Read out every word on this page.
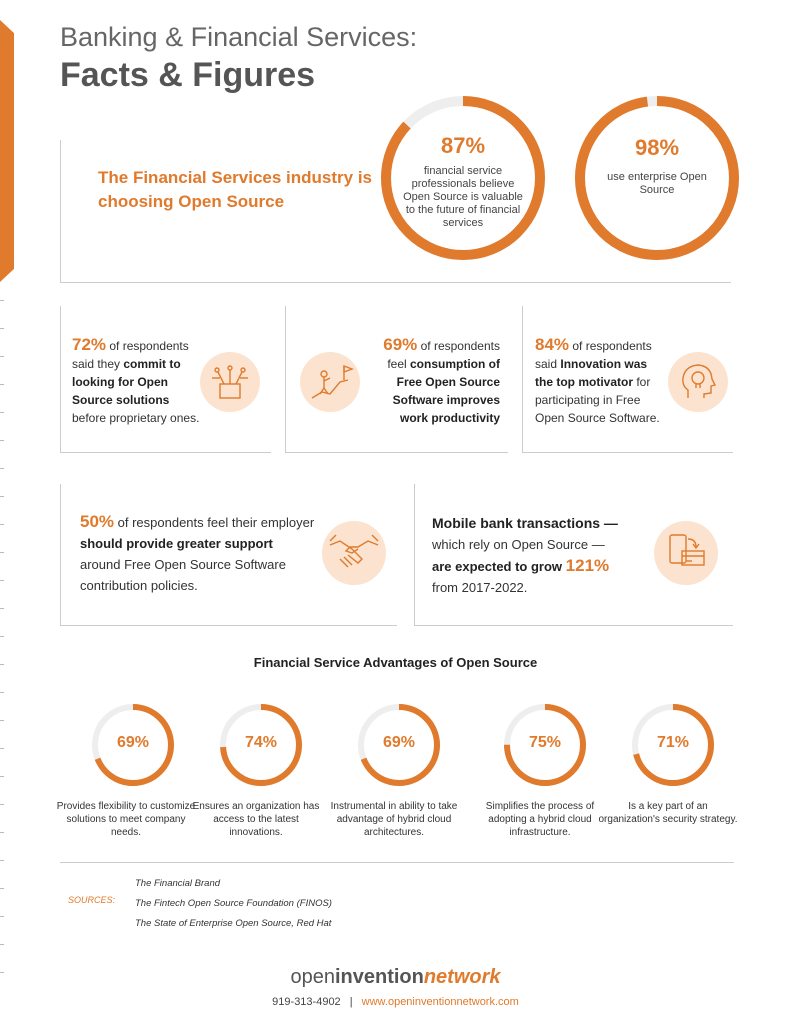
Banking & Financial Services:
Facts & Figures
The Financial Services industry is choosing Open Source
87%
financial service professionals believe Open Source is valuable to the future of financial services
98%
use enterprise Open Source
72% of respondents said they commit to looking for Open Source solutions before proprietary ones.
69% of respondents feel consumption of Free Open Source Software improves work productivity
84% of respondents said Innovation was the top motivator for participating in Free Open Source Software.
50% of respondents feel their employer should provide greater support around Free Open Source Software contribution policies.
Mobile bank transactions —
which rely on Open Source —
are expected to grow 121%
from 2017-2022.
Financial Service Advantages of Open Source
69%
Provides flexibility to customize solutions to meet company needs.
74%
Ensures an organization has access to the latest innovations.
69%
Instrumental in ability to take advantage of hybrid cloud architectures.
75%
Simplifies the process of adopting a hybrid cloud infrastructure.
71%
Is a key part of an organization's security strategy.
SOURCES:
The Financial Brand
The Fintech Open Source Foundation (FINOS)
The State of Enterprise Open Source, Red Hat
openinventionnetwork
919-313-4902 | www.openinventionnetwork.com
